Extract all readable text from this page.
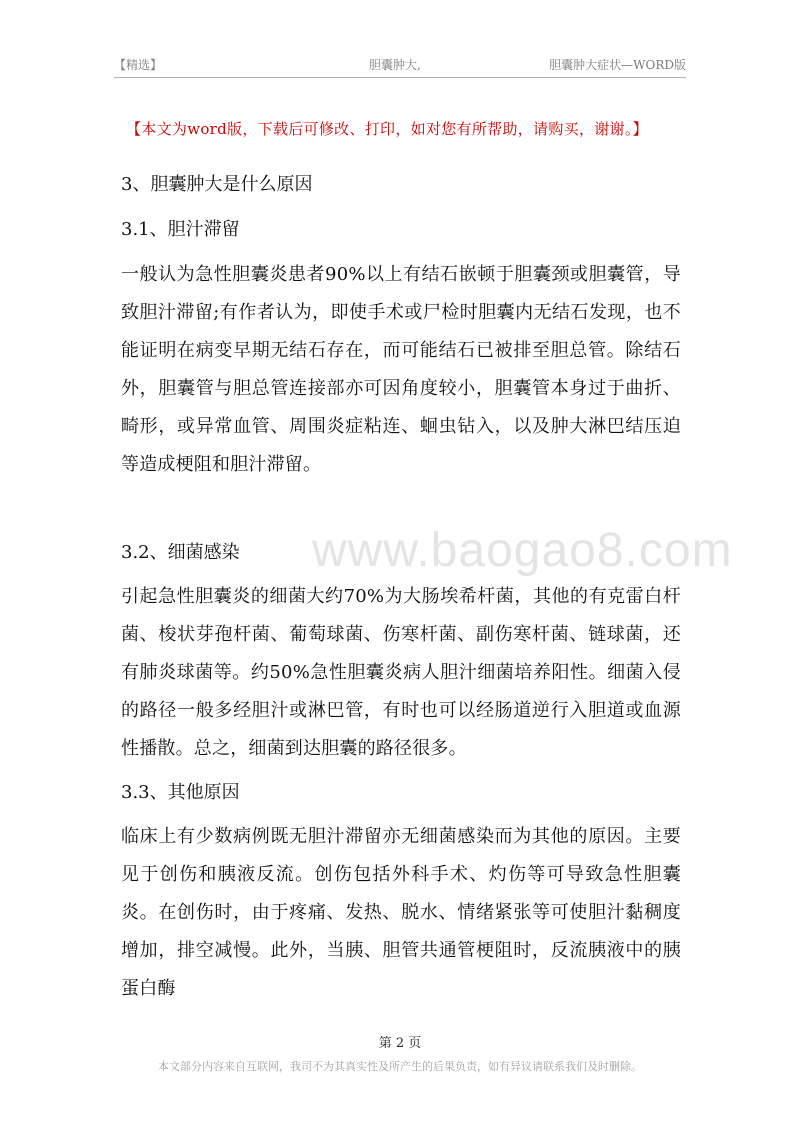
【精选】	胆囊肿大,	胆囊肿大症状—WORD版
【本文为word版，下载后可修改、打印，如对您有所帮助，请购买，谢谢。】
www.baogao8.com

3、胆囊肿大是什么原因

3.1、胆汁滞留

一般认为急性胆囊炎患者90%以上有结石嵌顿于胆囊颈或胆囊管，导致胆汁滞留;有作者认为，即使手术或尸检时胆囊内无结石发现，也不能证明在病变早期无结石存在，而可能结石已被排至胆总管。除结石外，胆囊管与胆总管连接部亦可因角度较小，胆囊管本身过于曲折、畸形，或异常血管、周围炎症粘连、蛔虫钻入，以及肿大淋巴结压迫等造成梗阻和胆汁滞留。

3.2、细菌感染

引起急性胆囊炎的细菌大约70%为大肠埃希杆菌，其他的有克雷白杆菌、梭状芽孢杆菌、葡萄球菌、伤寒杆菌、副伤寒杆菌、链球菌，还有肺炎球菌等。约50%急性胆囊炎病人胆汁细菌培养阳性。细菌入侵的路径一般多经胆汁或淋巴管，有时也可以经肠道逆行入胆道或血源性播散。总之，细菌到达胆囊的路径很多。

3.3、其他原因

临床上有少数病例既无胆汁滞留亦无细菌感染而为其他的原因。主要见于创伤和胰液反流。创伤包括外科手术、灼伤等可导致急性胆囊炎。在创伤时，由于疼痛、发热、脱水、情绪紧张等可使胆汁黏稠度增加，排空减慢。此外，当胰、胆管共通管梗阻时，反流胰液中的胰蛋白酶

第 2 页
本文部分内容来自互联网，我司不为其真实性及所产生的后果负责，如有异议请联系我们及时删除。
